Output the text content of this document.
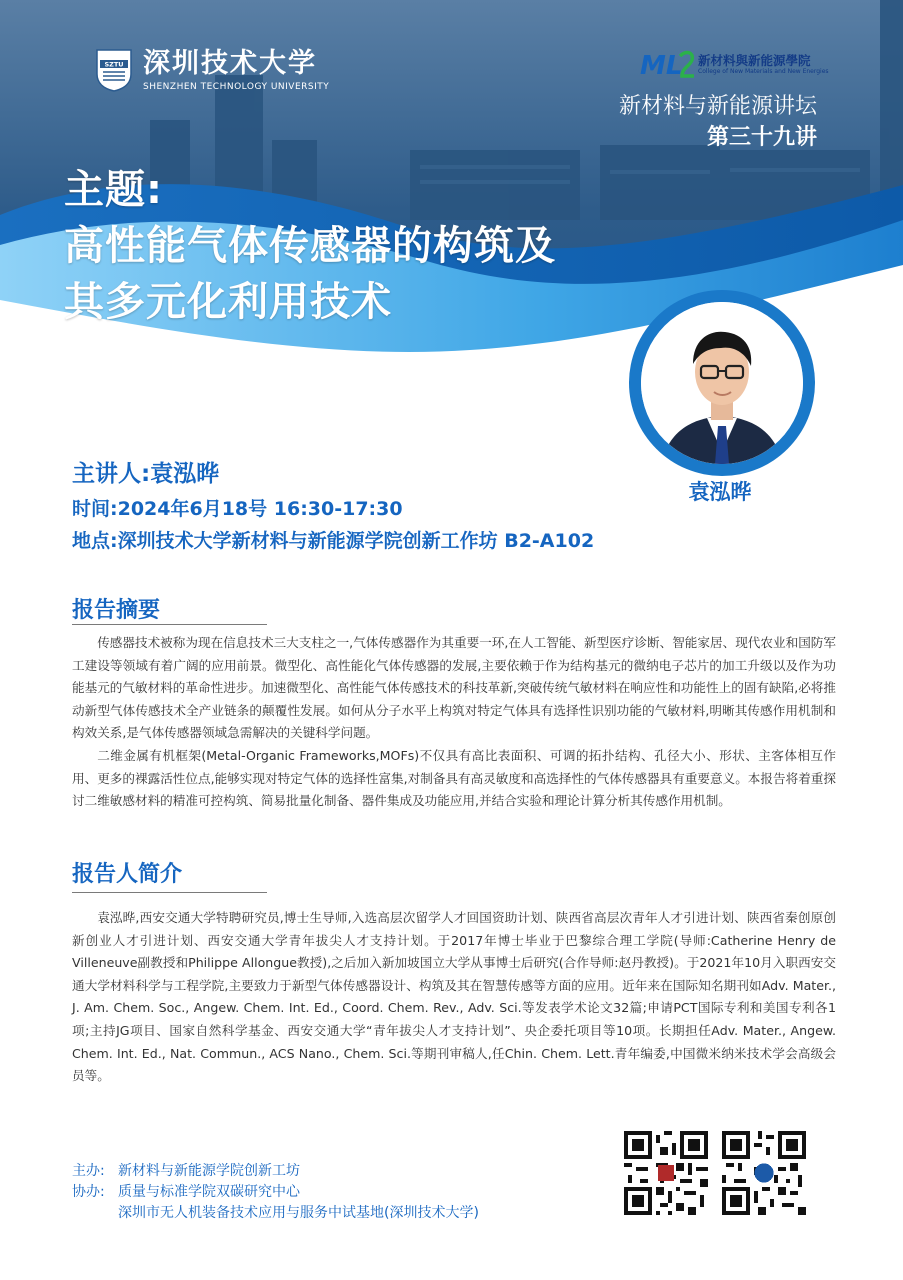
SZTU 深圳技术大学
SHENZHEN TECHNOLOGY UNIVERSITY
ML 新材料與新能源學院
College of New Materials and New Energies
新材料与新能源讲坛
第三十九讲
主题:
高性能气体传感器的构筑及
其多元化利用技术
袁泓晔
主讲人:袁泓晔
时间:2024年6月18号 16:30-17:30
地点:深圳技术大学新材料与新能源学院创新工作坊 B2-A102
报告摘要

传感器技术被称为现在信息技术三大支柱之一,气体传感器作为其重要一环,在人工智能、新型医疗诊断、智能家居、现代农业和国防军工建设等领域有着广阔的应用前景。微型化、高性能化气体传感器的发展,主要依赖于作为结构基元的微纳电子芯片的加工升级以及作为功能基元的气敏材料的革命性进步。加速微型化、高性能气体传感技术的科技革新,突破传统气敏材料在响应性和功能性上的固有缺陷,必将推动新型气体传感技术全产业链条的颠覆性发展。如何从分子水平上构筑对特定气体具有选择性识别功能的气敏材料,明晰其传感作用机制和构效关系,是气体传感器领域急需解决的关键科学问题。

二维金属有机框架(Metal-Organic Frameworks,MOFs)不仅具有高比表面积、可调的拓扑结构、孔径大小、形状、主客体相互作用、更多的裸露活性位点,能够实现对特定气体的选择性富集,对制备具有高灵敏度和高选择性的气体传感器具有重要意义。本报告将着重探讨二维敏感材料的精准可控构筑、简易批量化制备、器件集成及功能应用,并结合实验和理论计算分析其传感作用机制。

报告人简介

袁泓晔,西安交通大学特聘研究员,博士生导师,入选高层次留学人才回国资助计划、陕西省高层次青年人才引进计划、陕西省秦创原创新创业人才引进计划、西安交通大学青年拔尖人才支持计划。于2017年博士毕业于巴黎综合理工学院(导师:Catherine Henry de Villeneuve副教授和Philippe Allongue教授),之后加入新加坡国立大学从事博士后研究(合作导师:赵丹教授)。于2021年10月入职西安交通大学材料科学与工程学院,主要致力于新型气体传感器设计、构筑及其在智慧传感等方面的应用。近年来在国际知名期刊如Adv. Mater., J. Am. Chem. Soc., Angew. Chem. Int. Ed., Coord. Chem. Rev., Adv. Sci.等发表学术论文32篇;申请PCT国际专利和美国专利各1项;主持JG项目、国家自然科学基金、西安交通大学“青年拔尖人才支持计划”、央企委托项目等10项。长期担任Adv. Mater., Angew. Chem. Int. Ed., Nat. Commun., ACS Nano., Chem. Sci.等期刊审稿人,任Chin. Chem. Lett.青年编委,中国微米纳米技术学会高级会员等。

主办: 新材料与新能源学院创新工坊
协办: 质量与标准学院双碳研究中心
深圳市无人机装备技术应用与服务中试基地(深圳技术大学)
